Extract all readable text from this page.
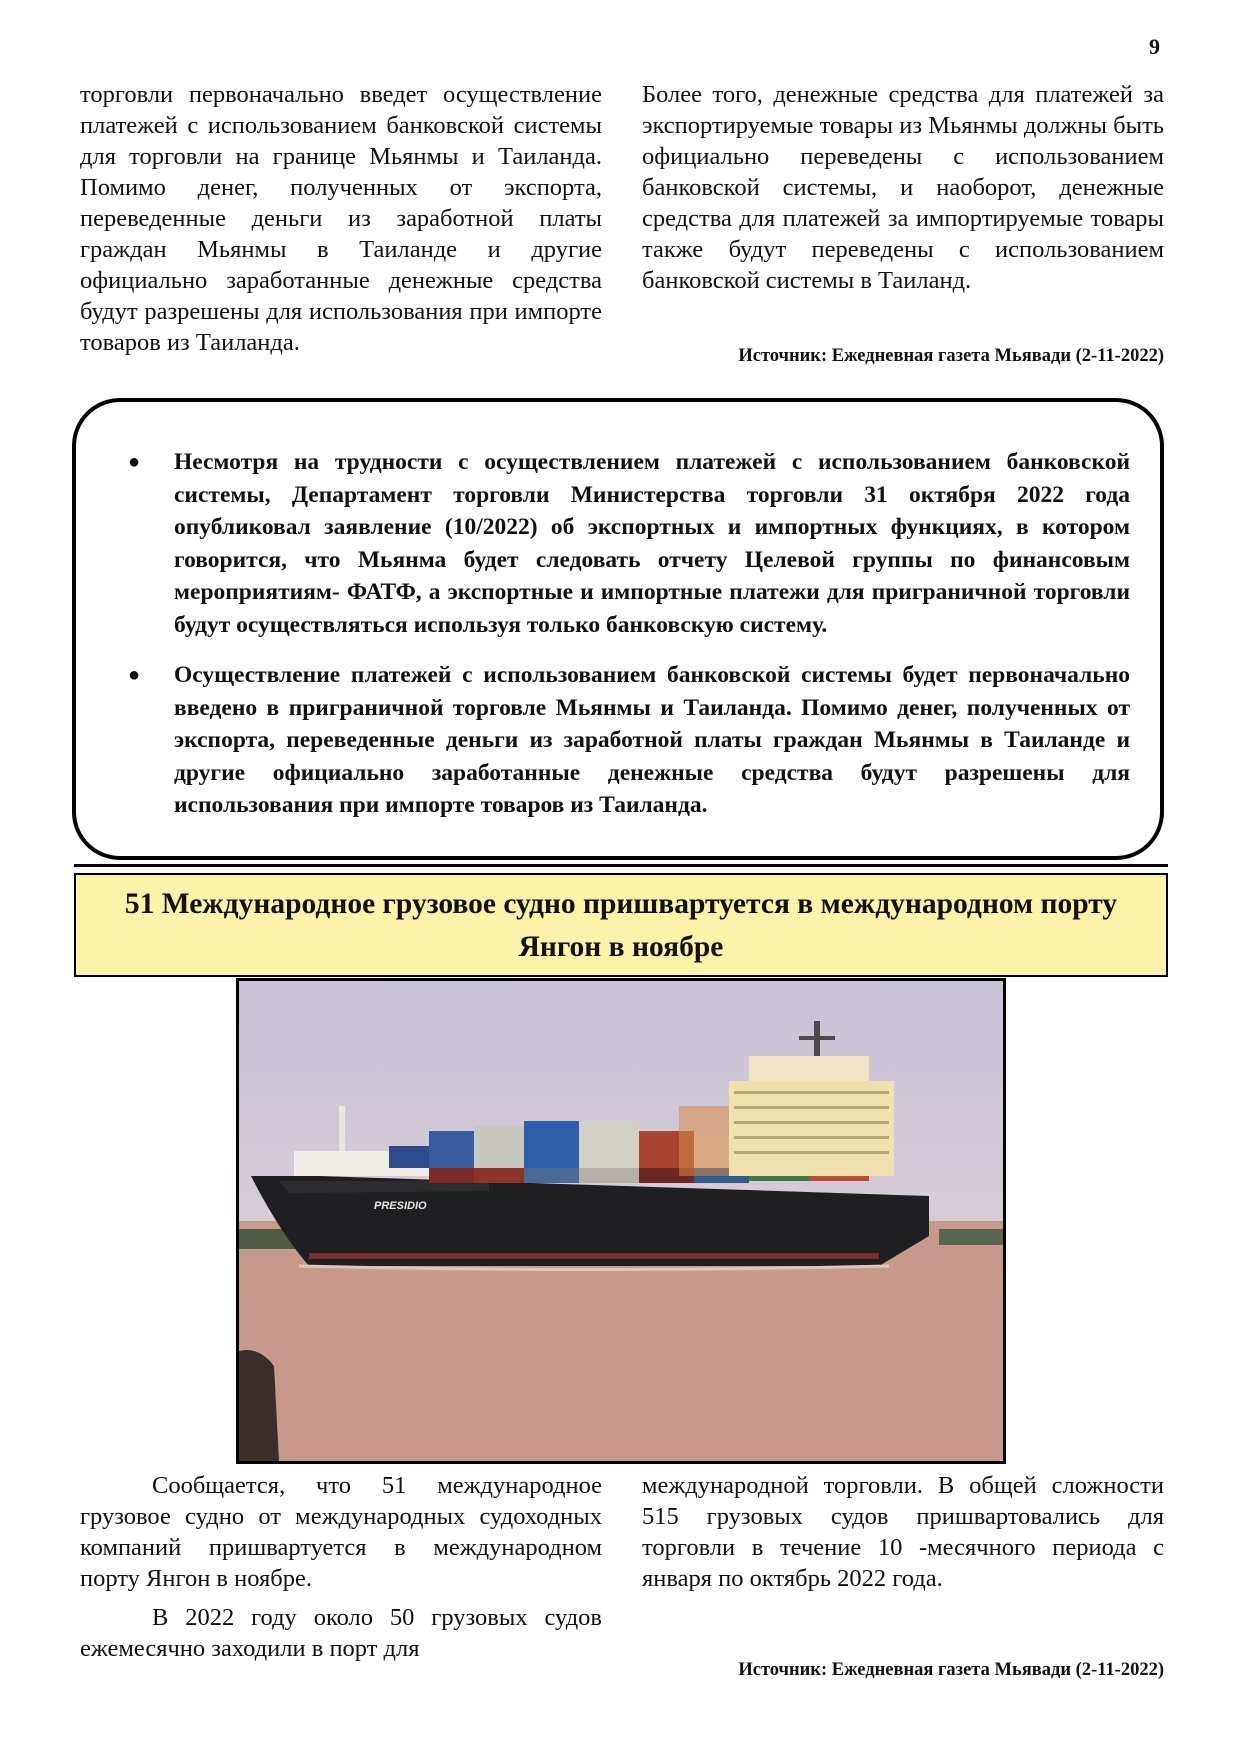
9

торговли первоначально введет осуществление платежей с использованием банковской системы для торговли на границе Мьянмы и Таиланда. Помимо денег, полученных от экспорта, переведенные деньги из заработной платы граждан Мьянмы в Таиланде и другие официально заработанные денежные средства будут разрешены для использования при импорте товаров из Таиланда.

Более того, денежные средства для платежей за экспортируемые товары из Мьянмы должны быть официально переведены с использованием банковской системы, и наоборот, денежные средства для платежей за импортируемые товары также будут переведены с использованием банковской системы в Таиланд.

Источник: Ежедневная газета Мьявади (2-11-2022)
● Несмотря на трудности с осуществлением платежей с использованием банковской системы, Департамент торговли Министерства торговли 31 октября 2022 года опубликовал заявление (10/2022) об экспортных и импортных функциях, в котором говорится, что Мьянма будет следовать отчету Целевой группы по финансовым мероприятиям- ФАТФ, а экспортные и импортные платежи для приграничной торговли будут осуществляться используя только банковскую систему.
● Осуществление платежей с использованием банковской системы будет первоначально введено в приграничной торговле Мьянмы и Таиланда. Помимо денег, полученных от экспорта, переведенные деньги из заработной платы граждан Мьянмы в Таиланде и другие официально заработанные денежные средства будут разрешены для использования при импорте товаров из Таиланда.
51 Международное грузовое судно пришвартуется в международном порту
Янгон в ноябре
PRESIDIO

Сообщается, что 51 международное грузовое судно от международных судоходных компаний пришвартуется в международном порту Янгон в ноябре.

В 2022 году около 50 грузовых судов ежемесячно заходили в порт для

международной торговли. В общей сложности 515 грузовых судов пришвартовались для торговли в течение 10 -месячного периода с января по октябрь 2022 года.

Источник: Ежедневная газета Мьявади (2-11-2022)
